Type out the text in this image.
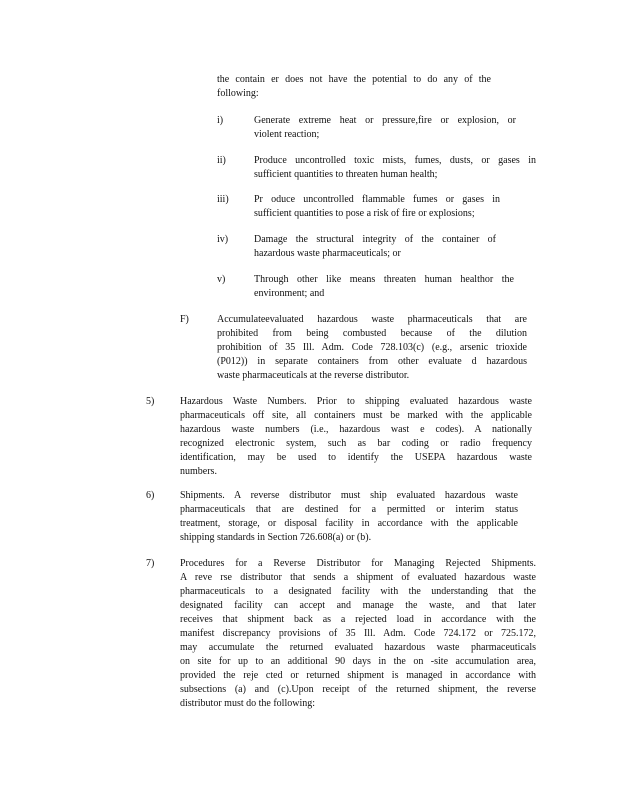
the contain er does not have the potential to do any of the
following:
i)	Generate extreme heat or pressure,fire or explosion, or
violent reaction;
ii)	Produce uncontrolled toxic mists, fumes, dusts, or gases in
sufficient quantities to threaten human health;
iii)	Pr oduce uncontrolled flammable fumes or gases in
sufficient quantities to pose a risk of fire or explosions;
iv)	Damage the structural integrity of the container of
hazardous waste pharmaceuticals; or
v)	Through other like means threaten human healthor the
environment; and
F)	Accumulateevaluated hazardous waste pharmaceuticals that are
prohibited from being combusted because of the dilution
prohibition of 35 Ill. Adm. Code 728.103(c) (e.g., arsenic trioxide
(P012)) in separate containers from other evaluate d hazardous
waste pharmaceuticals at the reverse distributor.
5)	Hazardous Waste Numbers. Prior to shipping evaluated hazardous waste
pharmaceuticals off site, all containers must be marked with the applicable
hazardous waste numbers (i.e., hazardous wast e codes). A nationally
recognized electronic system, such as bar coding or radio frequency
identification, may be used to identify the USEPA hazardous waste
numbers.
6)	Shipments. A reverse distributor must ship evaluated hazardous waste
pharmaceuticals that are destined for a permitted or interim status
treatment, storage, or disposal facility in accordance with the applicable
shipping standards in Section 726.608(a) or (b).
7)	Procedures for a Reverse Distributor for Managing Rejected Shipments.
A reve rse distributor that sends a shipment of evaluated hazardous waste
pharmaceuticals to a designated facility with the understanding that the
designated facility can accept and manage the waste, and that later
receives that shipment back as a rejected load in accordance with the
manifest discrepancy provisions of 35 Ill. Adm. Code 724.172 or 725.172,
may accumulate the returned evaluated hazardous waste pharmaceuticals
on site for up to an additional 90 days in the on -site accumulation area,
provided the reje cted or returned shipment is managed in accordance with
subsections (a) and (c).Upon receipt of the returned shipment, the reverse
distributor must do the following:
